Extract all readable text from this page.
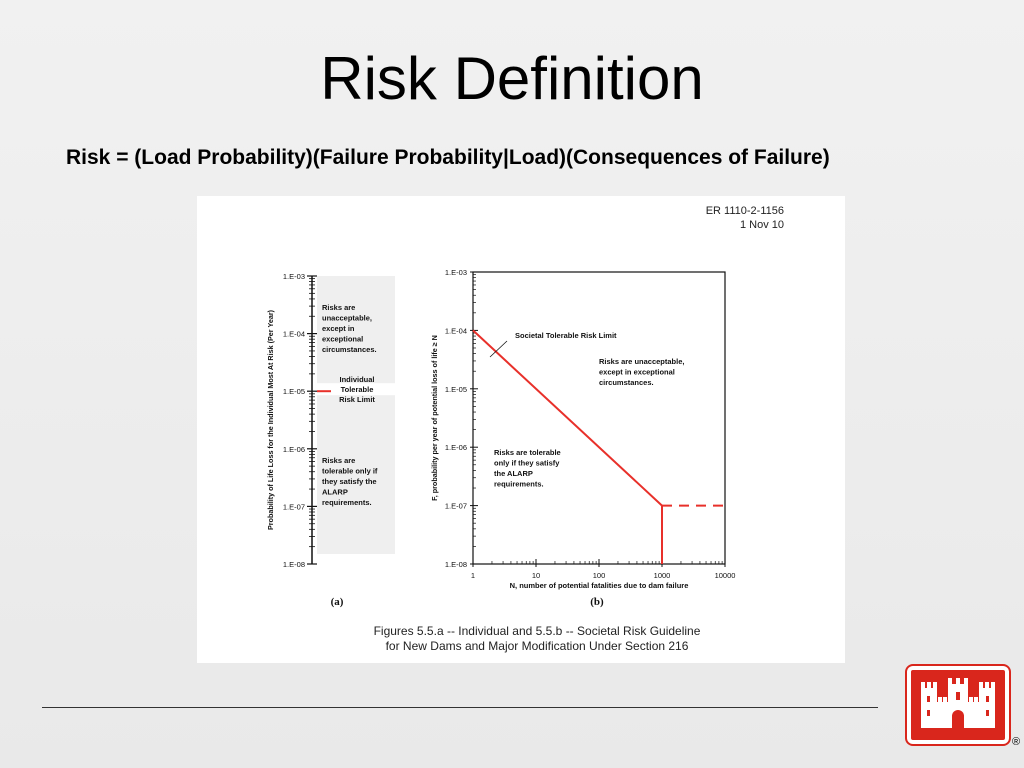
Risk Definition
Risk = (Load Probability)(Failure Probability|Load)(Consequences of Failure)
ER 1110-2-1156
1 Nov 10
Figures 5.5.a -- Individual and 5.5.b -- Societal Risk Guideline
for New Dams and Major Modification Under Section 216
1.E-08
1.E-07
1.E-06
1.E-05
1.E-04
1.E-03
Probability of Life Loss for the Individual Most At Risk (Per Year)	Individual
Tolerable
Risk Limit
Risks are
unacceptable,
except in
exceptional
circumstances.
Risks are
tolerable only if
they satisfy the
ALARP
requirements.
(a)
1.E-08
1.E-07
1.E-06
1.E-05
1.E-04
1.E-03
1	10	100	1000	10000
Societal Tolerable Risk Limit
Risks are unacceptable,
except in exceptional
circumstances.
Risks are tolerable
only if they satisfy
the ALARP
requirements.
N, number of potential fatalities due to dam failure
F, probability per year of potential loss of life ≥ N
(b)
®
